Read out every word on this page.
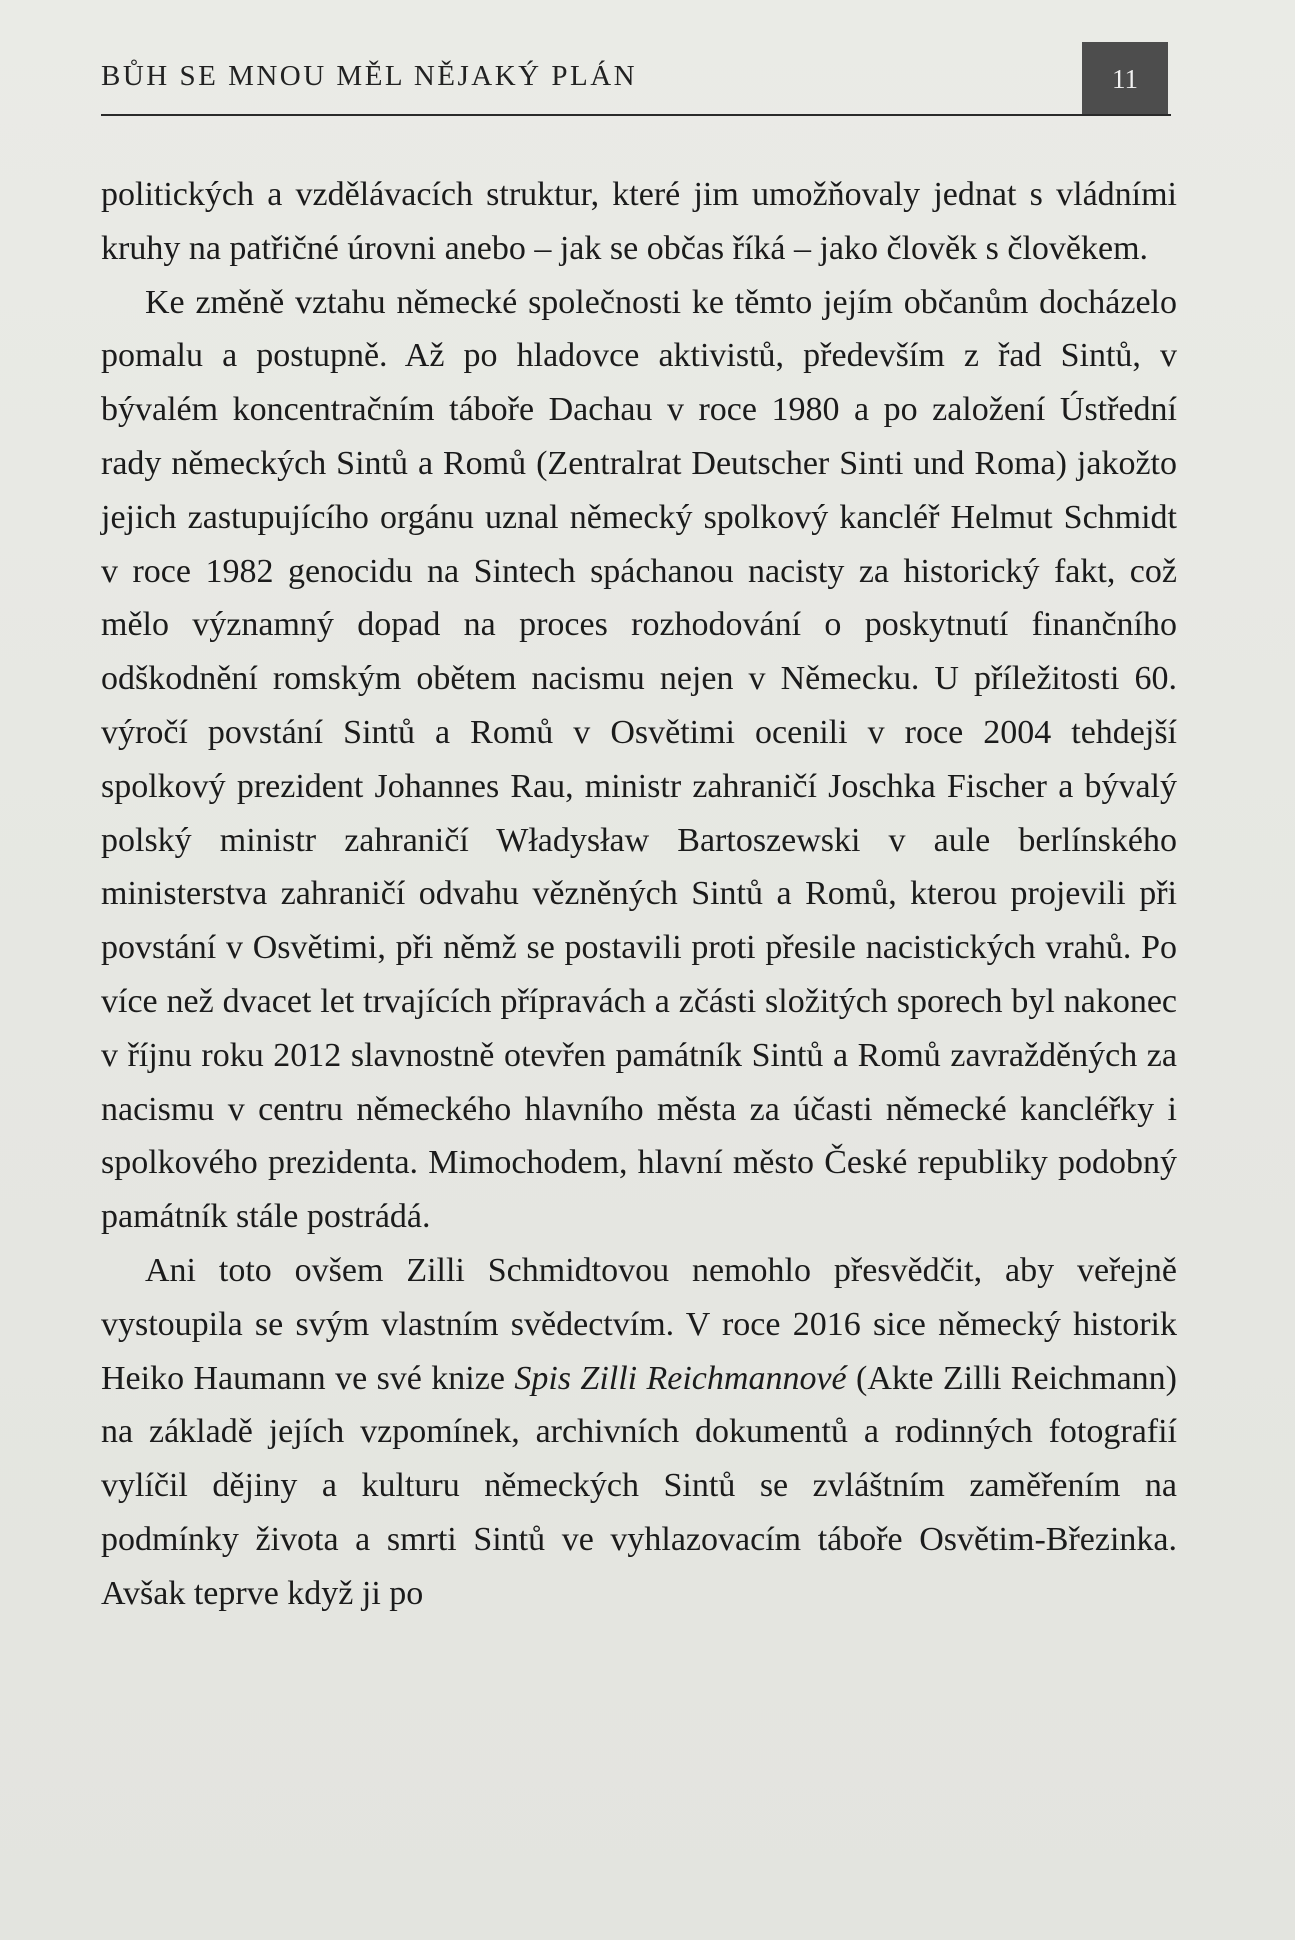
BŮH SE MNOU MĚL NĚJAKÝ PLÁN	11

politických a vzdělávacích struktur, které jim umožňovaly jednat s vládními kruhy na patřičné úrovni anebo – jak se občas říká – jako člověk s člověkem.

Ke změně vztahu německé společnosti ke těmto jejím občanům docházelo pomalu a postupně. Až po hladovce aktivistů, především z řad Sintů, v bývalém koncentračním táboře Dachau v roce 1980 a po založení Ústřední rady německých Sintů a Romů (Zentralrat Deutscher Sinti und Roma) jakožto jejich zastupujícího orgánu uznal německý spolkový kancléř Helmut Schmidt v roce 1982 genocidu na Sintech spáchanou nacisty za historický fakt, což mělo významný dopad na proces rozhodování o poskytnutí finančního odškodnění romským obětem nacismu nejen v Německu. U příležitosti 60. výročí povstání Sintů a Romů v Osvětimi ocenili v roce 2004 tehdejší spolkový prezident Johannes Rau, ministr zahraničí Joschka Fischer a bývalý polský ministr zahraničí Władysław Bartoszewski v aule berlínského ministerstva zahraničí odvahu vězněných Sintů a Romů, kterou projevili při povstání v Osvětimi, při němž se postavili proti přesile nacistických vrahů. Po více než dvacet let trvajících přípravách a zčásti složitých sporech byl nakonec v říjnu roku 2012 slavnostně otevřen památník Sintů a Romů zavražděných za nacismu v centru německého hlavního města za účasti německé kancléřky i spolkového prezidenta. Mimochodem, hlavní město České republiky podobný památník stále postrádá.

Ani toto ovšem Zilli Schmidtovou nemohlo přesvědčit, aby veřejně vystoupila se svým vlastním svědectvím. V roce 2016 sice německý historik Heiko Haumann ve své knize Spis Zilli Reichmannové (Akte Zilli Reichmann) na základě jejích vzpomínek, archivních dokumentů a rodinných fotografií vylíčil dějiny a kulturu německých Sintů se zvláštním zaměřením na podmínky života a smrti Sintů ve vyhlazovacím táboře Osvětim-Březinka. Avšak teprve když ji po
